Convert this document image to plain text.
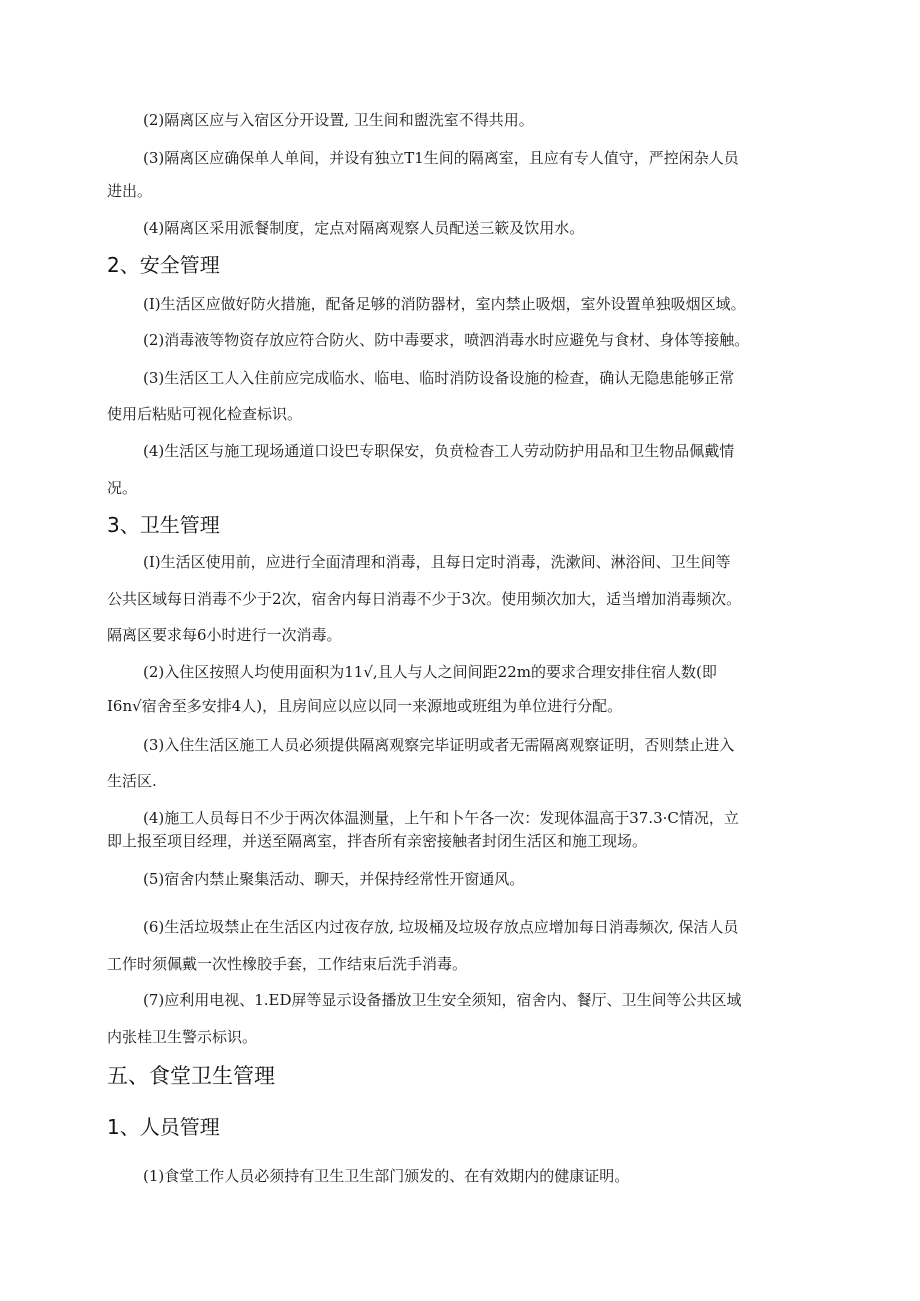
(2)隔离区应与入宿区分开设置, 卫生间和盥洗室不得共用。
(3)隔离区应确保单人单间，并设有独立T1生间的隔离室，且应有专人值守，严控闲杂人员
进出。
(4)隔离区采用派餐制度，定点对隔离观察人员配送三簌及饮用水。
2、安全管理
(I)生活区应做好防火措施，配备足够的消防器材，室内禁止吸烟，室外设置单独吸烟区域。
(2)消毒液等物资存放应符合防火、防中毒要求，喷泗消毒水时应避免与食材、身体等接触。
(3)生活区工人入住前应完成临水、临电、临时消防设备设施的检查，确认无隐患能够正常
使用后粘贴可视化检查标识。
(4)生活区与施工现场通道口设巴专职保安，负贲检杳工人劳动防护用品和卫生物品佩戴情
况。
3、卫生管理
(I)生活区使用前，应进行全面清理和消毒，且每日定时消毒，洗漱间、淋浴间、卫生间等
公共区域每日消毒不少于2次，宿舍内每日消毒不少于3次。使用频次加大，适当增加消毒频次。
隔离区要求每6小时进行一次消毒。
(2)入住区按照人均使用面积为11√,且人与人之间间距22m的要求合理安排住宿人数(即
I6n√宿舍至多安排4人)，且房间应以应以同一来源地或班组为单位进行分配。
(3)入住生活区施工人员必须提供隔离观察完毕证明或者无需隔离观察证明，否则禁止进入
生活区.
(4)施工人员每日不少于两次体温测量，上午和卜午各一次：发现体温高于37.3·C情况，立
即上报至项目经理，并送至隔离室，拌杳所有亲密接触者封闭生活区和施工现场。
(5)宿舍内禁止聚集活动、聊天，并保持经常性开窗通风。
(6)生活垃圾禁止在生活区内过夜存放, 垃圾桶及垃圾存放点应增加每日消毒频次, 保洁人员
工作时须佩戴一次性橡胶手套，工作结束后洗手消毒。
(7)应利用电视、1.ED屏等显示设备播放卫生安全须知，宿舍内、餐厅、卫生间等公共区域
内张桂卫生警示标识。
五、食堂卫生管理
1、人员管理
(1)食堂工作人员必须持有卫生卫生部门颁发的、在有效期内的健康证明。
